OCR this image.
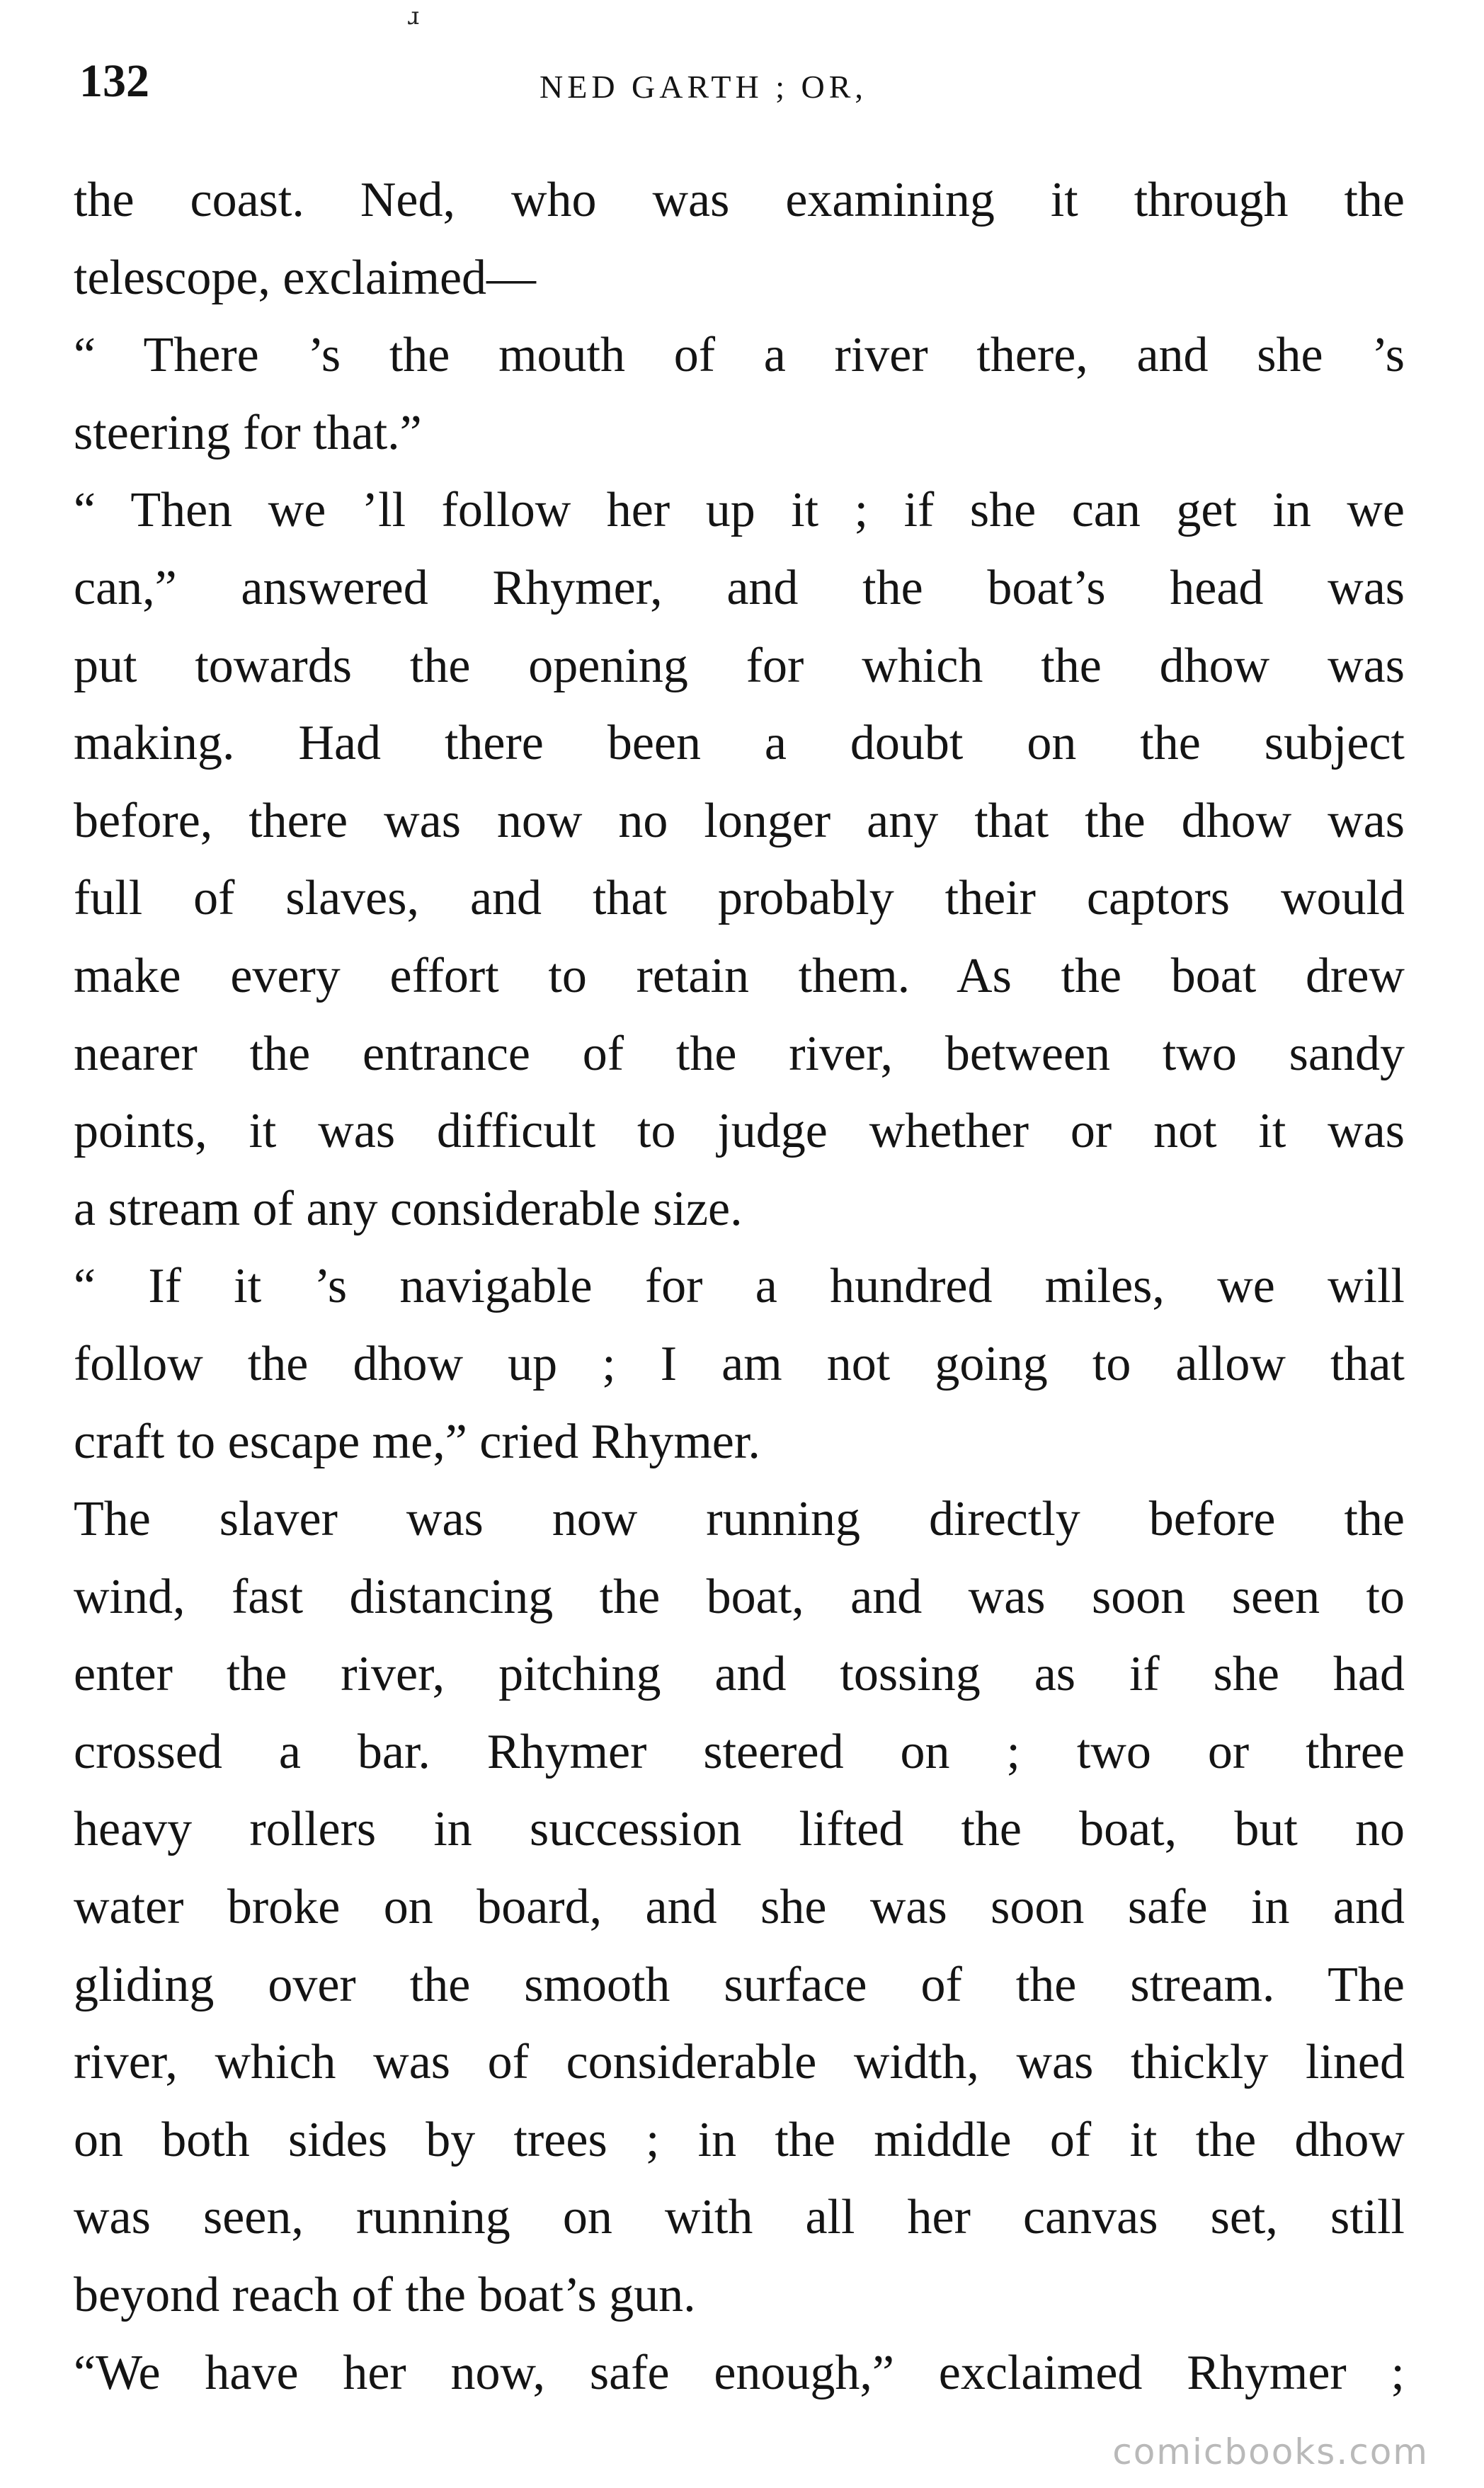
ɹ
132	NED GARTH ; OR,
the coast. Ned, who was examining it through the
telescope, exclaimed—
“ There ’s the mouth of a river there, and she ’s
steering for that.”
“ Then we ’ll follow her up it ; if she can get in we
can,” answered Rhymer, and the boat’s head was
put towards the opening for which the dhow was
making. Had there been a doubt on the subject
before, there was now no longer any that the dhow was
full of slaves, and that probably their captors would
make every effort to retain them. As the boat drew
nearer the entrance of the river, between two sandy
points, it was difficult to judge whether or not it was
a stream of any considerable size.
“ If it ’s navigable for a hundred miles, we will
follow the dhow up ; I am not going to allow that
craft to escape me,” cried Rhymer.
The slaver was now running directly before the
wind, fast distancing the boat, and was soon seen to
enter the river, pitching and tossing as if she had
crossed a bar. Rhymer steered on ; two or three
heavy rollers in succession lifted the boat, but no
water broke on board, and she was soon safe in and
gliding over the smooth surface of the stream. The
river, which was of considerable width, was thickly lined
on both sides by trees ; in the middle of it the dhow
was seen, running on with all her canvas set, still
beyond reach of the boat’s gun.
“We have her now, safe enough,” exclaimed Rhymer ;
comicbooks.com
